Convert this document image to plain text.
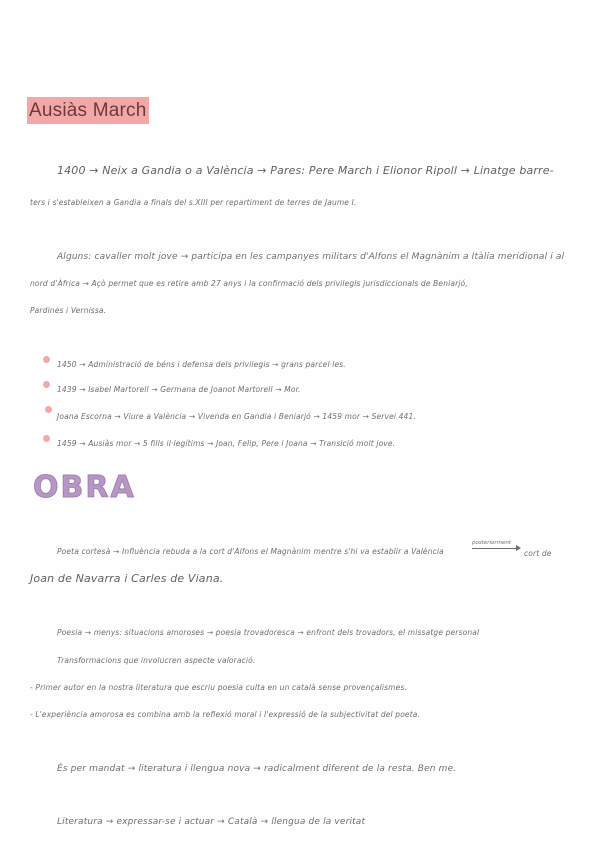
Ausiàs March
1400 → Neix a Gandia o a València → Pares: Pere March i Elionor Ripoll → Linatge barre-
ters i s'estableixen a Gandia a finals del s.XIII per repartiment de terres de Jaume I.
Alguns: cavaller molt jove → participa en les campanyes militars d'Alfons el Magnànim a Itàlia meridional i al
nord d'Àfrica → Açò permet que es retire amb 27 anys i la confirmació dels privilegis jurisdiccionals de Beniarjó,
Pardines i Vernissa.
1450 → Administració de béns i defensa dels privilegis → grans parcel·les.
1439 → Isabel Martorell → Germana de Joanot Martorell → Mor.
Joana Escorna → Viure a València → Vivenda en Gandia i Beniarjó → 1459 mor → Servei 441.
1459 → Ausiàs mor → 5 fills il·legítims → Joan, Felip, Pere i Joana → Transició molt jove.
OBRA
Poeta cortesà → Influència rebuda a la cort d'Alfons el Magnànim mentre s'hi va establir a València
posteriorment
cort de
Joan de Navarra i Carles de Viana.
Poesia → menys: situacions amoroses → poesia trovadoresca → enfront dels trovadors, el missatge personal
Transformacions que involucren aspecte valoració.
- Primer autor en la nostra literatura que escriu poesia culta en un català sense provençalismes.
- L'experiència amorosa es combina amb la reflexió moral i l'expressió de la subjectivitat del poeta.
És per mandat → literatura i llengua nova → radicalment diferent de la resta. Ben me.
Literatura → expressar-se i actuar → Català → llengua de la veritat
